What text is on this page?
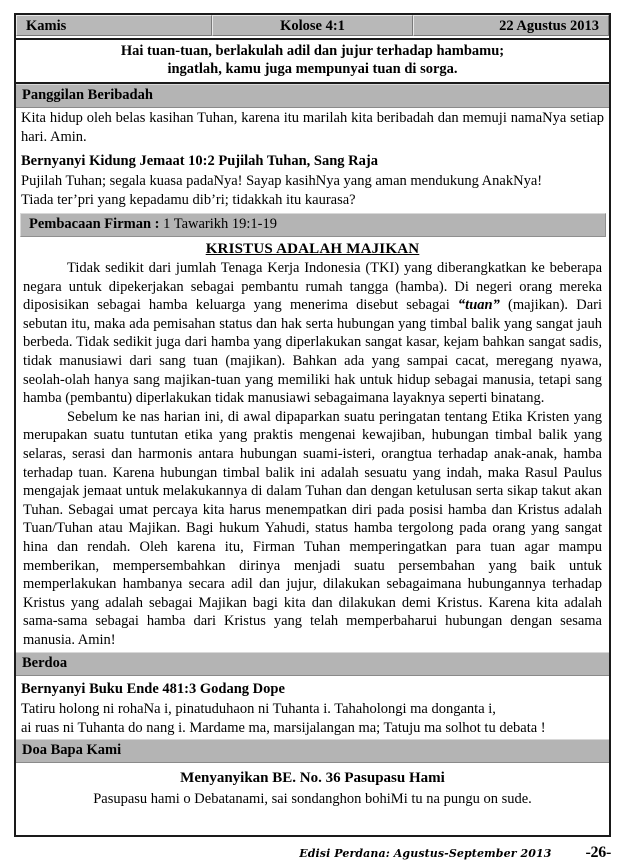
Kamis	Kolose 4:1	22 Agustus 2013
Hai tuan-tuan, berlakulah adil dan jujur terhadap hambamu;
ingatlah, kamu juga mempunyai tuan di sorga.
Panggilan Beribadah
Kita hidup oleh belas kasihan Tuhan, karena itu marilah kita beribadah dan memuji namaNya setiap hari. Amin.
Bernyanyi Kidung Jemaat 10:2 Pujilah Tuhan, Sang Raja
Pujilah Tuhan; segala kuasa padaNya! Sayap kasihNya yang aman mendukung AnakNya!
Tiada ter’pri yang kepadamu dib’ri; tidakkah itu kaurasa?
Pembacaan Firman : 1 Tawarikh 19:1-19
KRISTUS ADALAH MAJIKAN

Tidak sedikit dari jumlah Tenaga Kerja Indonesia (TKI) yang diberangkatkan ke beberapa negara untuk dipekerjakan sebagai pembantu rumah tangga (hamba). Di negeri orang mereka diposisikan sebagai hamba keluarga yang menerima disebut sebagai “tuan” (majikan). Dari sebutan itu, maka ada pemisahan status dan hak serta hubungan yang timbal balik yang sangat jauh berbeda. Tidak sedikit juga dari hamba yang diperlakukan sangat kasar, kejam bahkan sangat sadis, tidak manusiawi dari sang tuan (majikan). Bahkan ada yang sampai cacat, meregang nyawa, seolah-olah hanya sang majikan-tuan yang memiliki hak untuk hidup sebagai manusia, tetapi sang hamba (pembantu) diperlakukan tidak manusiawi sebagaimana layaknya seperti binatang.

Sebelum ke nas harian ini, di awal dipaparkan suatu peringatan tentang Etika Kristen yang merupakan suatu tuntutan etika yang praktis mengenai kewajiban, hubungan timbal balik yang selaras, serasi dan harmonis antara hubungan suami-isteri, orangtua terhadap anak-anak, hamba terhadap tuan. Karena hubungan timbal balik ini adalah sesuatu yang indah, maka Rasul Paulus mengajak jemaat untuk melakukannya di dalam Tuhan dan dengan ketulusan serta sikap takut akan Tuhan. Sebagai umat percaya kita harus menempatkan diri pada posisi hamba dan Kristus adalah Tuan/Tuhan atau Majikan. Bagi hukum Yahudi, status hamba tergolong pada orang yang sangat hina dan rendah. Oleh karena itu, Firman Tuhan memperingatkan para tuan agar mampu memberikan, mempersembahkan dirinya menjadi suatu persembahan yang baik untuk memperlakukan hambanya secara adil dan jujur, dilakukan sebagaimana hubungannya terhadap Kristus yang adalah sebagai Majikan bagi kita dan dilakukan demi Kristus. Karena kita adalah sama-sama sebagai hamba dari Kristus yang telah memperbaharui hubungan dengan sesama manusia. Amin!

Berdoa
Bernyanyi Buku Ende 481:3 Godang Dope
Tatiru holong ni rohaNa i, pinatuduhaon ni Tuhanta i. Tahaholongi ma donganta i,
ai ruas ni Tuhanta do nang i. Mardame ma, marsijalangan ma; Tatuju ma solhot tu debata !
Doa Bapa Kami
Menyanyikan BE. No. 36 Pasupasu Hami
Pasupasu hami o Debatanami, sai sondanghon bohiMi tu na pungu on sude.
Edisi Perdana: Agustus-September 2013 -26-
